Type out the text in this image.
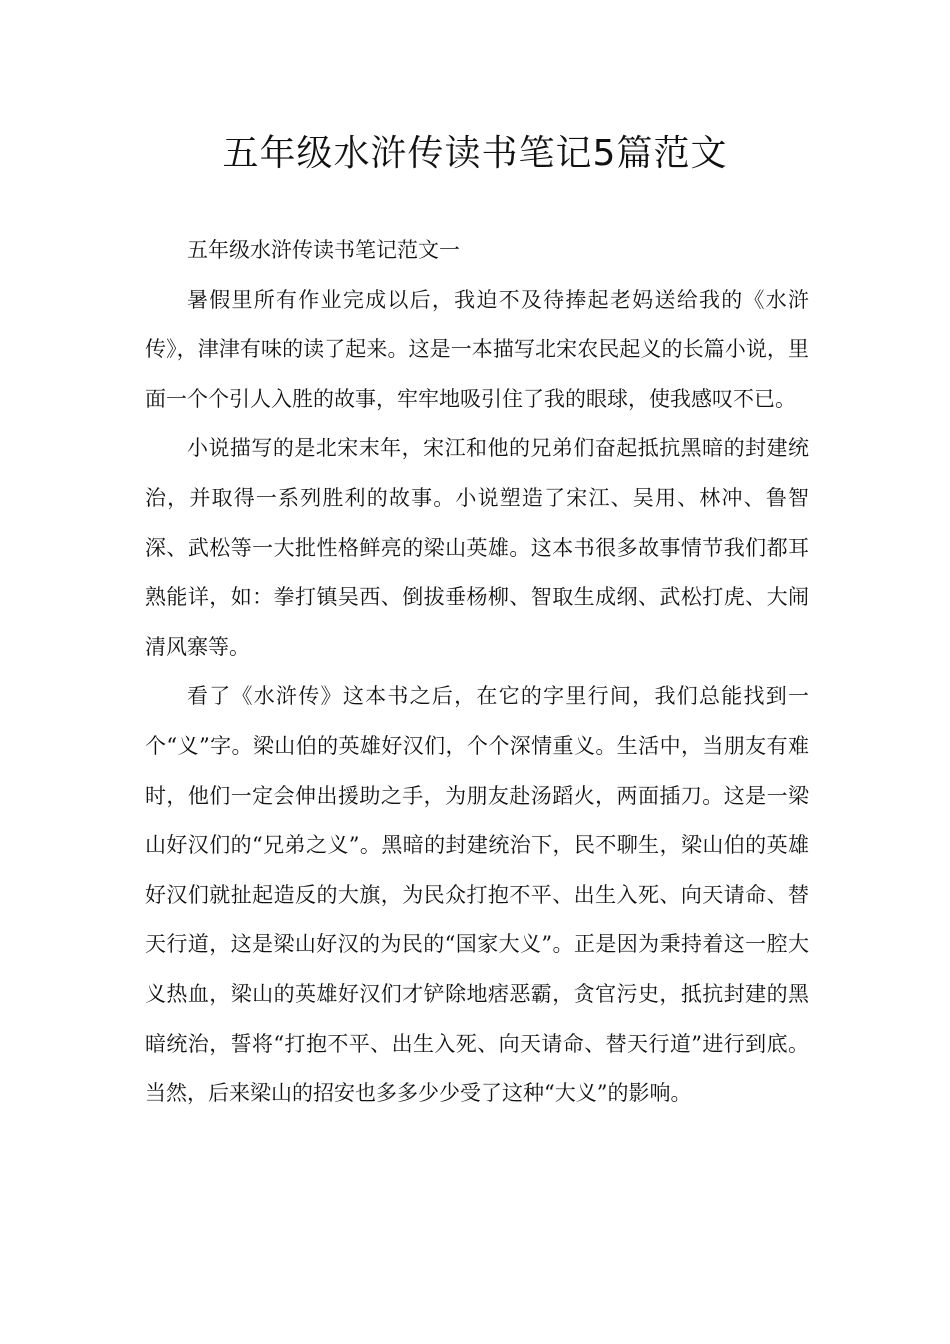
五年级水浒传读书笔记5篇范文

五年级水浒传读书笔记范文一

暑假里所有作业完成以后，我迫不及待捧起老妈送给我的《水浒传》，津津有味的读了起来。这是一本描写北宋农民起义的长篇小说，里面一个个引人入胜的故事，牢牢地吸引住了我的眼球，使我感叹不已。

小说描写的是北宋末年，宋江和他的兄弟们奋起抵抗黑暗的封建统治，并取得一系列胜利的故事。小说塑造了宋江、吴用、林冲、鲁智深、武松等一大批性格鲜亮的梁山英雄。这本书很多故事情节我们都耳熟能详，如：拳打镇吴西、倒拔垂杨柳、智取生成纲、武松打虎、大闹清风寨等。

看了《水浒传》这本书之后，在它的字里行间，我们总能找到一个“义”字。梁山伯的英雄好汉们，个个深情重义。生活中，当朋友有难时，他们一定会伸出援助之手，为朋友赴汤蹈火，两面插刀。这是一梁山好汉们的“兄弟之义”。黑暗的封建统治下，民不聊生，梁山伯的英雄好汉们就扯起造反的大旗，为民众打抱不平、出生入死、向天请命、替天行道，这是梁山好汉的为民的“国家大义”。正是因为秉持着这一腔大义热血，梁山的英雄好汉们才铲除地痞恶霸，贪官污史，抵抗封建的黑暗统治，誓将“打抱不平、出生入死、向天请命、替天行道”进行到底。当然，后来梁山的招安也多多少少受了这种“大义”的影响。
